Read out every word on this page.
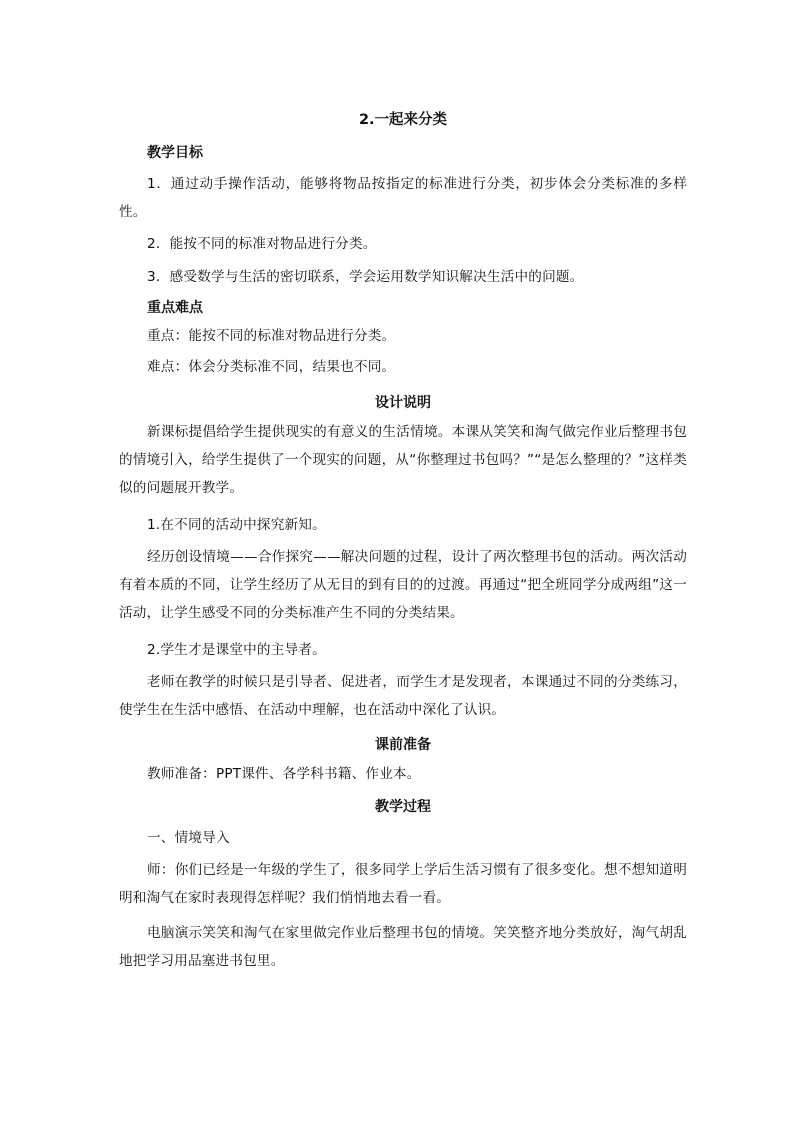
2.一起来分类
教学目标
1．通过动手操作活动，能够将物品按指定的标准进行分类，初步体会分类标准的多样性。
2．能按不同的标准对物品进行分类。
3．感受数学与生活的密切联系，学会运用数学知识解决生活中的问题。
重点难点
重点：能按不同的标准对物品进行分类。
难点：体会分类标准不同，结果也不同。
设计说明
新课标提倡给学生提供现实的有意义的生活情境。本课从笑笑和淘气做完作业后整理书包的情境引入，给学生提供了一个现实的问题，从“你整理过书包吗？”“是怎么整理的？”这样类似的问题展开教学。
1.在不同的活动中探究新知。
经历创设情境——合作探究——解决问题的过程，设计了两次整理书包的活动。两次活动有着本质的不同，让学生经历了从无目的到有目的的过渡。再通过“把全班同学分成两组”这一活动，让学生感受不同的分类标准产生不同的分类结果。
2.学生才是课堂中的主导者。
老师在教学的时候只是引导者、促进者，而学生才是发现者，本课通过不同的分类练习，使学生在生活中感悟、在活动中理解，也在活动中深化了认识。
课前准备
教师准备：PPT课件、各学科书籍、作业本。
教学过程
一、情境导入
师：你们已经是一年级的学生了，很多同学上学后生活习惯有了很多变化。想不想知道明明和淘气在家时表现得怎样呢？我们悄悄地去看一看。
电脑演示笑笑和淘气在家里做完作业后整理书包的情境。笑笑整齐地分类放好，淘气胡乱地把学习用品塞进书包里。
